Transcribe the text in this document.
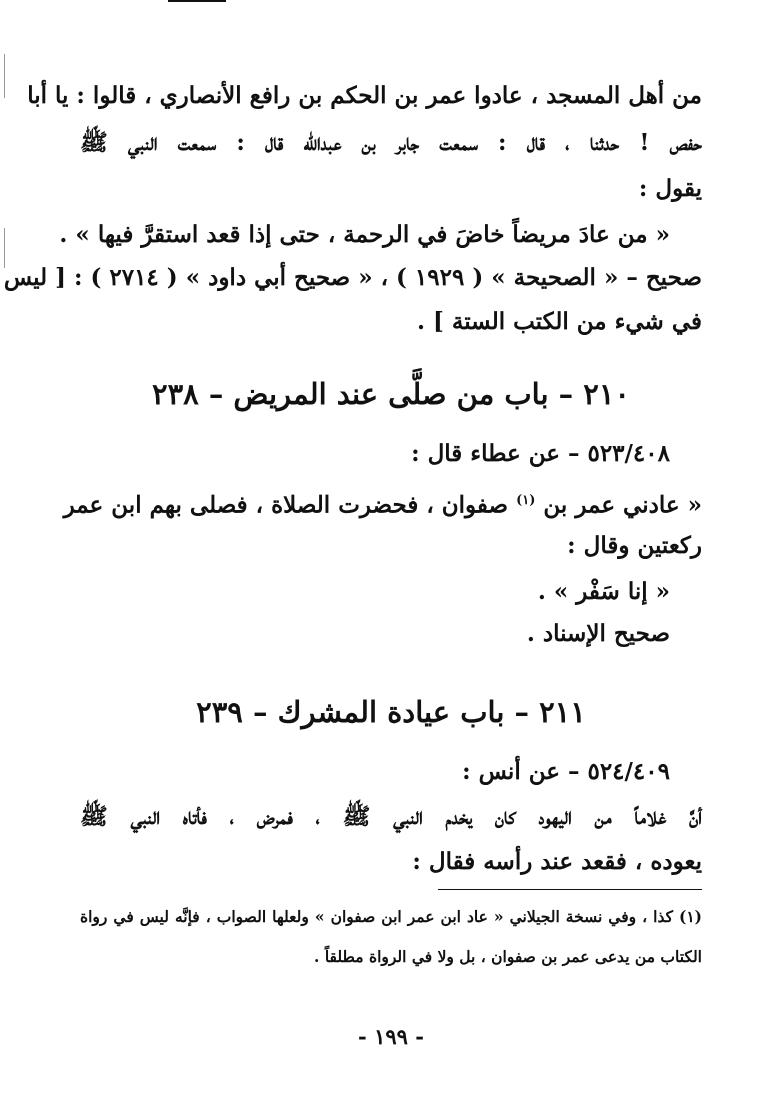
من أهل المسجد ، عادوا عمر بن الحكم بن رافع الأنصاري ، قالوا : يا أبا
حفص ! حدثنا ، قال : سمعت جابر بن عبدالله قال : سمعت النبي ﷺ
يقول :
« من عادَ مريضاً خاضَ في الرحمة ، حتى إذا قعد استقرَّ فيها » .
صحيح – « الصحيحة » ( ١٩٢٩ ) ، « صحيح أبي داود » ( ٢٧١٤ ) : [ ليس
في شيء من الكتب الستة ] .
٢١٠ – باب من صلَّى عند المريض – ٢٣٨
٥٢٣/٤٠٨ – عن عطاء قال :
« عادني عمر بن $^{(١)}$ صفوان ، فحضرت الصلاة ، فصلى بهم ابن عمر
ركعتين وقال :
« إنا سَفْر » .
صحيح الإسناد .
٢١١ – باب عيادة المشرك – ٢٣٩
٥٢٤/٤٠٩ – عن أنس :
أنَّ غلاماً من اليهود كان يخدم النبي ﷺ ، فمرض ، فأتاه النبي ﷺ
يعوده ، فقعد عند رأسه فقال :
(١) كذا ، وفي نسخة الجيلاني « عاد ابن عمر ابن صفوان » ولعلها الصواب ، فإنَّه ليس في رواة
الكتاب من يدعى عمر بن صفوان ، بل ولا في الرواة مطلقاً .
- ١٩٩ -
